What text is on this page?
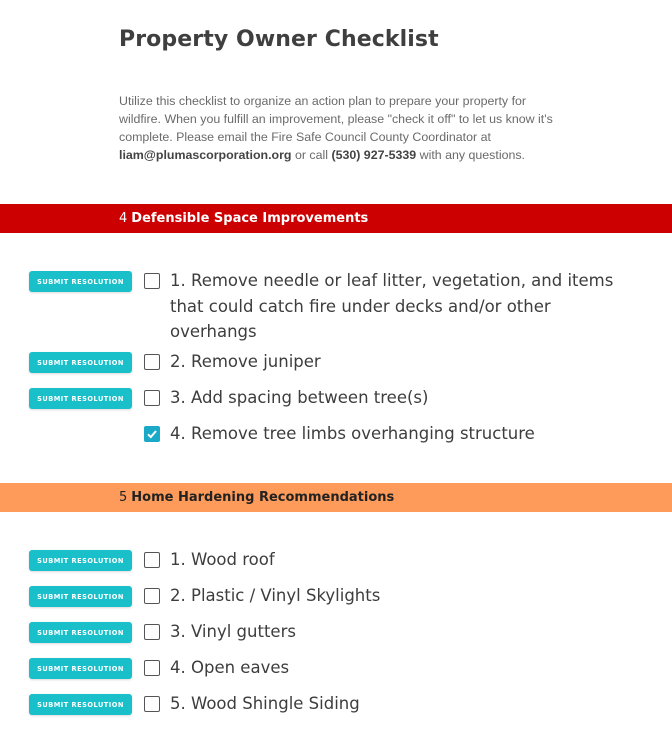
Property Owner Checklist

Utilize this checklist to organize an action plan to prepare your property for wildfire. When you fulfill an improvement, please "check it off" to let us know it's complete. Please email the Fire Safe Council County Coordinator at liam@plumascorporation.org or call (530) 927-5339 with any questions.

4 Defensible Space Improvements
SUBMIT RESOLUTION	1. Remove needle or leaf litter, vegetation, and items that could catch fire under decks and/or other overhangs
SUBMIT RESOLUTION	2. Remove juniper
SUBMIT RESOLUTION	3. Add spacing between tree(s)
4. Remove tree limbs overhanging structure
5 Home Hardening Recommendations
SUBMIT RESOLUTION	1. Wood roof
SUBMIT RESOLUTION	2. Plastic / Vinyl Skylights
SUBMIT RESOLUTION	3. Vinyl gutters
SUBMIT RESOLUTION	4. Open eaves
SUBMIT RESOLUTION	5. Wood Shingle Siding
